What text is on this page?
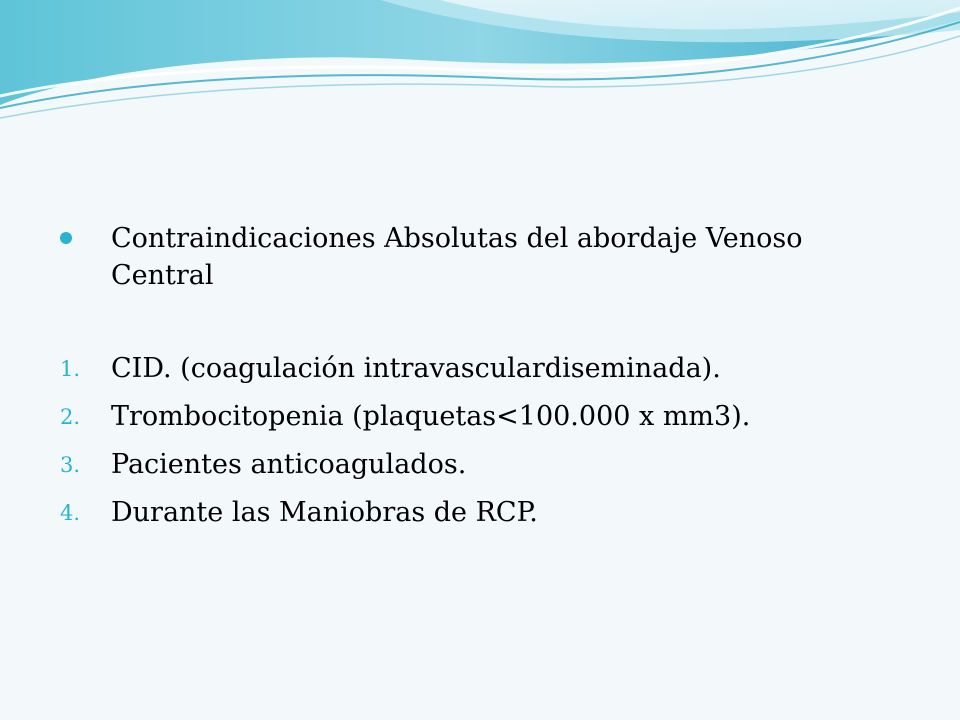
Contraindicaciones Absolutas del abordaje Venoso Central
1.	CID. (coagulación intravasculardiseminada).
2.	Trombocitopenia (plaquetas<100.000 x mm3).
3.	Pacientes anticoagulados.
4.	Durante las Maniobras de RCP.
